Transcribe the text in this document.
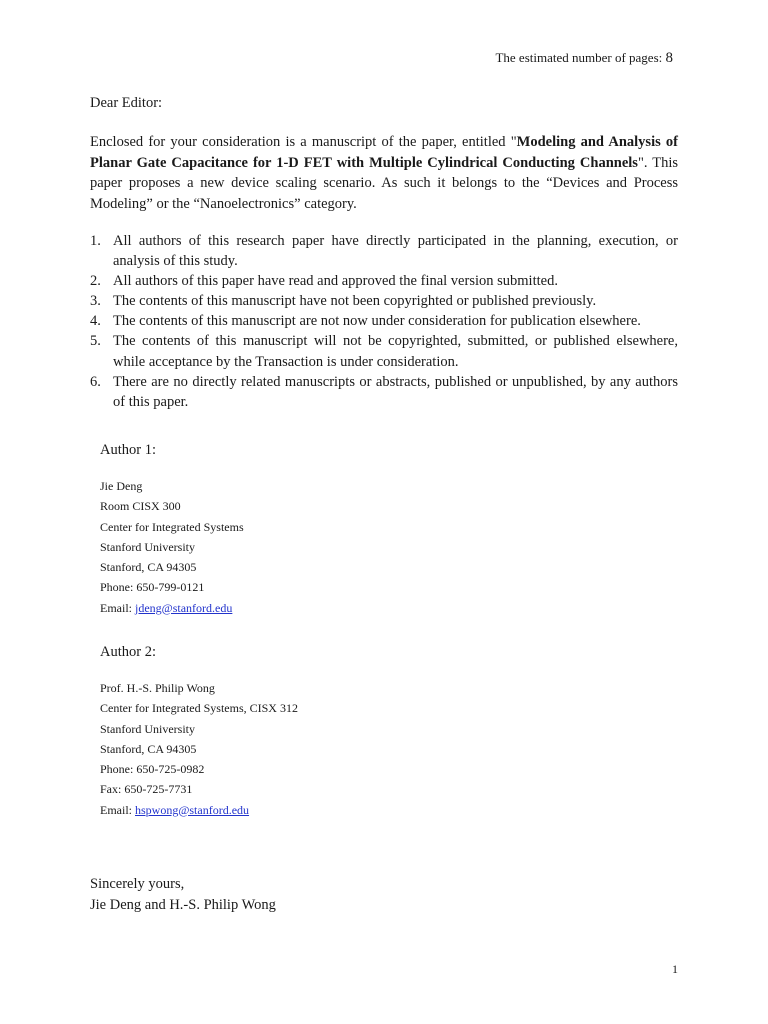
The estimated number of pages: 8
Dear Editor:
Enclosed for your consideration is a manuscript of the paper, entitled "Modeling and Analysis of Planar Gate Capacitance for 1-D FET with Multiple Cylindrical Conducting Channels". This paper proposes a new device scaling scenario. As such it belongs to the “Devices and Process Modeling” or the “Nanoelectronics” category.
1. All authors of this research paper have directly participated in the planning, execution, or analysis of this study.
2. All authors of this paper have read and approved the final version submitted.
3. The contents of this manuscript have not been copyrighted or published previously.
4. The contents of this manuscript are not now under consideration for publication elsewhere.
5. The contents of this manuscript will not be copyrighted, submitted, or published elsewhere, while acceptance by the Transaction is under consideration.
6. There are no directly related manuscripts or abstracts, published or unpublished, by any authors of this paper.

Author 1:

Jie Deng
Room CISX 300
Center for Integrated Systems
Stanford University
Stanford, CA 94305
Phone: 650-799-0121
Email: jdeng@stanford.edu

Author 2:

Prof. H.-S. Philip Wong
Center for Integrated Systems, CISX 312
Stanford University
Stanford, CA 94305
Phone: 650-725-0982
Fax: 650-725-7731
Email: hspwong@stanford.edu
Sincerely yours,
Jie Deng and H.-S. Philip Wong
1
